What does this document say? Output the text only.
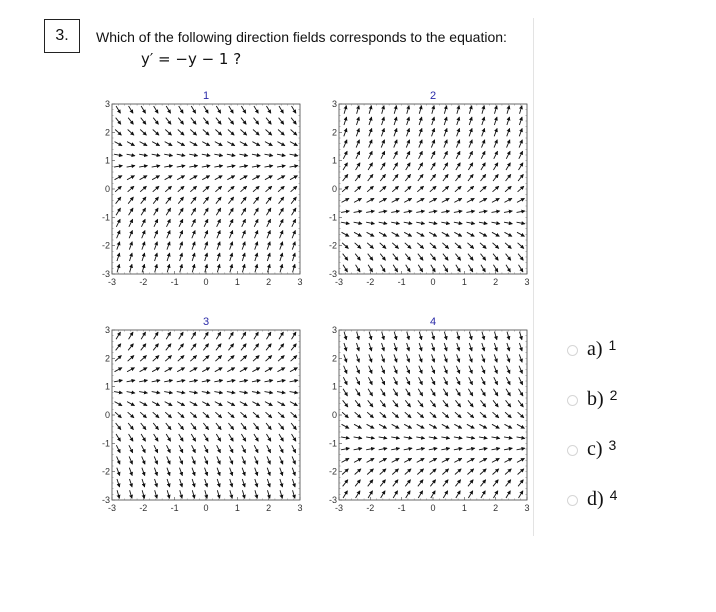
3.	Which of the following direction fields corresponds to the equation:
y′ = −y − 1 ?
1
-3	-2	-1	0	1	2	3
3
2
1
0
-1
-2
-3
2
-3	-2	-1	0	1	2	3
3
2
1
0
-1
-2
-3
3
-3	-2	-1	0	1	2	3
3
2
1
0
-1
-2
-3
4
-3	-2	-1	0	1	2	3
3
2
1
0
-1
-2
-3
a) 1
b) 2
c) 3
d) 4
